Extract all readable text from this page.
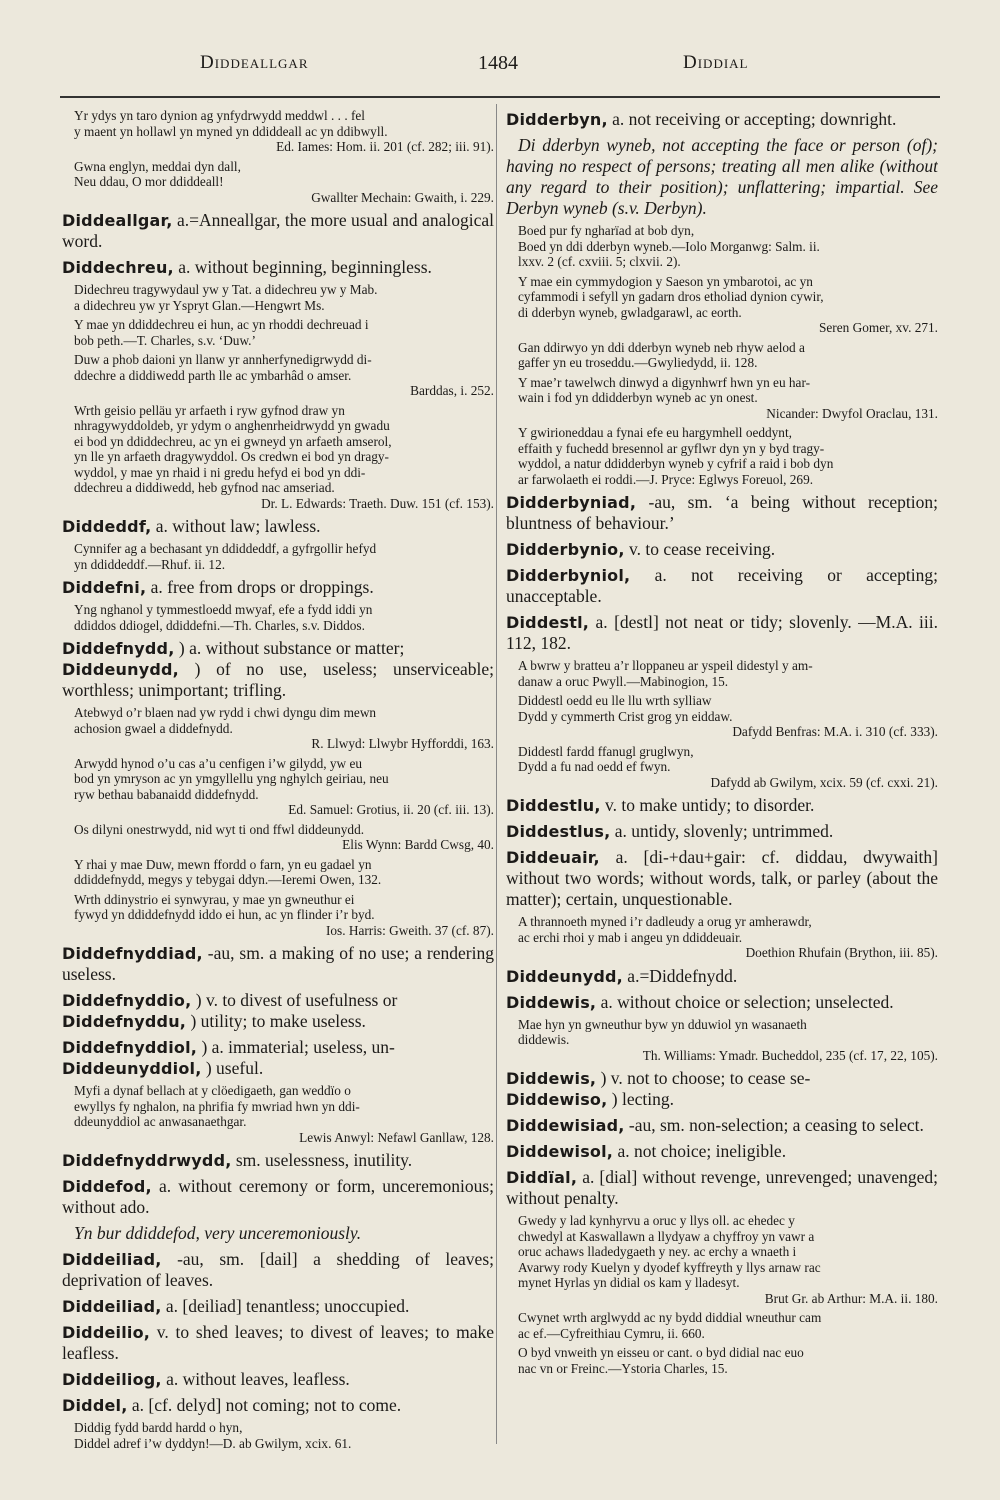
Diddeallgar	1484	Diddial
Yr ydys yn taro dynion ag ynfydrwydd meddwl . . . fel
y maent yn hollawl yn myned yn ddiddeall ac yn ddibwyll.
Ed. Iames: Hom. ii. 201 (cf. 282; iii. 91).
Gwna englyn, meddai dyn dall,
Neu ddau, O mor ddiddeall!
Gwallter Mechain: Gwaith, i. 229.
Diddeallgar, a.=Anneallgar, the more usual and analogical word.
Diddechreu, a. without beginning, beginningless.
Didechreu tragywydaul yw y Tat. a didechreu yw y Mab.
a didechreu yw yr Yspryt Glan.—Hengwrt Ms.
Y mae yn ddiddechreu ei hun, ac yn rhoddi dechreuad i
bob peth.—T. Charles, s.v. ‘Duw.’
Duw a phob daioni yn llanw yr annherfynedigrwydd di-
ddechre a diddiwedd parth lle ac ymbarhâd o amser.
Barddas, i. 252.
Wrth geisio pelläu yr arfaeth i ryw gyfnod draw yn
nhragywyddoldeb, yr ydym o anghenrheidrwydd yn gwadu
ei bod yn ddiddechreu, ac yn ei gwneyd yn arfaeth amserol,
yn lle yn arfaeth dragywyddol. Os credwn ei bod yn dragy-
wyddol, y mae yn rhaid i ni gredu hefyd ei bod yn ddi-
ddechreu a diddiwedd, heb gyfnod nac amseriad.
Dr. L. Edwards: Traeth. Duw. 151 (cf. 153).
Diddeddf, a. without law; lawless.
Cynnifer ag a bechasant yn ddiddeddf, a gyfrgollir hefyd
yn ddiddeddf.—Rhuf. ii. 12.
Diddefni, a. free from drops or droppings.
Yng nghanol y tymmestloedd mwyaf, efe a fydd iddi yn
ddiddos ddiogel, ddiddefni.—Th. Charles, s.v. Diddos.
Diddefnydd, ) a. without substance or matter;
Diddeunydd, ) of no use, useless; unserviceable; worthless; unimportant; trifling.
Atebwyd o’r blaen nad yw rydd i chwi dyngu dim mewn
achosion gwael a diddefnydd.
R. Llwyd: Llwybr Hyfforddi, 163.
Arwydd hynod o’u cas a’u cenfigen i’w gilydd, yw eu
bod yn ymryson ac yn ymgyllellu yng nghylch geiriau, neu
ryw bethau babanaidd diddefnydd.
Ed. Samuel: Grotius, ii. 20 (cf. iii. 13).
Os dilyni onestrwydd, nid wyt ti ond ffwl diddeunydd.
Elis Wynn: Bardd Cwsg, 40.
Y rhai y mae Duw, mewn ffordd o farn, yn eu gadael yn
ddiddefnydd, megys y tebygai ddyn.—Ieremi Owen, 132.
Wrth ddinystrio ei synwyrau, y mae yn gwneuthur ei
fywyd yn ddiddefnydd iddo ei hun, ac yn flinder i’r byd.
Ios. Harris: Gweith. 37 (cf. 87).
Diddefnyddiad, -au, sm. a making of no use; a rendering useless.
Diddefnyddio, ) v. to divest of usefulness or
Diddefnyddu, ) utility; to make useless.
Diddefnyddiol, ) a. immaterial; useless, un-
Diddeunyddiol, ) useful.
Myfi a dynaf bellach at y clöedigaeth, gan weddïo o
ewyllys fy nghalon, na phrifia fy mwriad hwn yn ddi-
ddeunyddiol ac anwasanaethgar.
Lewis Anwyl: Nefawl Ganllaw, 128.
Diddefnyddrwydd, sm. uselessness, inutility.
Diddefod, a. without ceremony or form, unceremonious; without ado.
Yn bur ddiddefod, very unceremoniously.
Diddeiliad, -au, sm. [dail] a shedding of leaves; deprivation of leaves.
Diddeiliad, a. [deiliad] tenantless; unoccupied.
Diddeilio, v. to shed leaves; to divest of leaves; to make leafless.
Diddeiliog, a. without leaves, leafless.
Diddel, a. [cf. delyd] not coming; not to come.
Diddig fydd bardd hardd o hyn,
Diddel adref i’w dyddyn!—D. ab Gwilym, xcix. 61.
Didderbyn, a. not receiving or accepting; downright.
Di dderbyn wyneb, not accepting the face or person (of); having no respect of persons; treating all men alike (without any regard to their position); unflattering; impartial. See Derbyn wyneb (s.v. Derbyn).
Boed pur fy ngharïad at bob dyn,
Boed yn ddi dderbyn wyneb.—Iolo Morganwg: Salm. ii.
lxxv. 2 (cf. cxviii. 5; clxvii. 2).
Y mae ein cymmydogion y Saeson yn ymbarotoi, ac yn
cyfammodi i sefyll yn gadarn dros etholiad dynion cywir,
di dderbyn wyneb, gwladgarawl, ac eorth.
Seren Gomer, xv. 271.
Gan ddirwyo yn ddi dderbyn wyneb neb rhyw aelod a
gaffer yn eu troseddu.—Gwyliedydd, ii. 128.
Y mae’r tawelwch dinwyd a digynhwrf hwn yn eu har-
wain i fod yn ddidderbyn wyneb ac yn onest.
Nicander: Dwyfol Oraclau, 131.
Y gwirioneddau a fynai efe eu hargymhell oeddynt,
effaith y fuchedd bresennol ar gyflwr dyn yn y byd tragy-
wyddol, a natur ddidderbyn wyneb y cyfrif a raid i bob dyn
ar farwolaeth ei roddi.—J. Pryce: Eglwys Foreuol, 269.
Didderbyniad, -au, sm. ‘a being without reception; bluntness of behaviour.’
Didderbynio, v. to cease receiving.
Didderbyniol, a. not receiving or accepting; unacceptable.
Diddestl, a. [destl] not neat or tidy; slovenly. —M.A. iii. 112, 182.
A bwrw y bratteu a’r lloppaneu ar yspeil didestyl y am-
danaw a oruc Pwyll.—Mabinogion, 15.
Diddestl oedd eu lle llu wrth sylliaw
Dydd y cymmerth Crist grog yn eiddaw.
Dafydd Benfras: M.A. i. 310 (cf. 333).
Diddestl fardd ffanugl gruglwyn,
Dydd a fu nad oedd ef fwyn.
Dafydd ab Gwilym, xcix. 59 (cf. cxxi. 21).
Diddestlu, v. to make untidy; to disorder.
Diddestlus, a. untidy, slovenly; untrimmed.
Diddeuair, a. [di-+dau+gair: cf. diddau, dwywaith] without two words; without words, talk, or parley (about the matter); certain, unquestionable.
A thrannoeth myned i’r dadleudy a orug yr amherawdr,
ac erchi rhoi y mab i angeu yn ddiddeuair.
Doethion Rhufain (Brython, iii. 85).
Diddeunydd, a.=Diddefnydd.
Diddewis, a. without choice or selection; unselected.
Mae hyn yn gwneuthur byw yn dduwiol yn wasanaeth
diddewis.
Th. Williams: Ymadr. Bucheddol, 235 (cf. 17, 22, 105).
Diddewis, ) v. not to choose; to cease se-
Diddewiso, ) lecting.
Diddewisiad, -au, sm. non-selection; a ceasing to select.
Diddewisol, a. not choice; ineligible.
Diddïal, a. [dial] without revenge, unrevenged; unavenged; without penalty.
Gwedy y lad kynhyrvu a oruc y llys oll. ac ehedec y
chwedyl at Kaswallawn a llydyaw a chyffroy yn vawr a
oruc achaws lladedygaeth y ney. ac erchy a wnaeth i
Avarwy rody Kuelyn y dyodef kyffreyth y llys arnaw rac
mynet Hyrlas yn didial os kam y lladesyt.
Brut Gr. ab Arthur: M.A. ii. 180.
Cwynet wrth arglwydd ac ny bydd diddial wneuthur cam
ac ef.—Cyfreithiau Cymru, ii. 660.
O byd vnweith yn eisseu or cant. o byd didial nac euo
nac vn or Freinc.—Ystoria Charles, 15.
